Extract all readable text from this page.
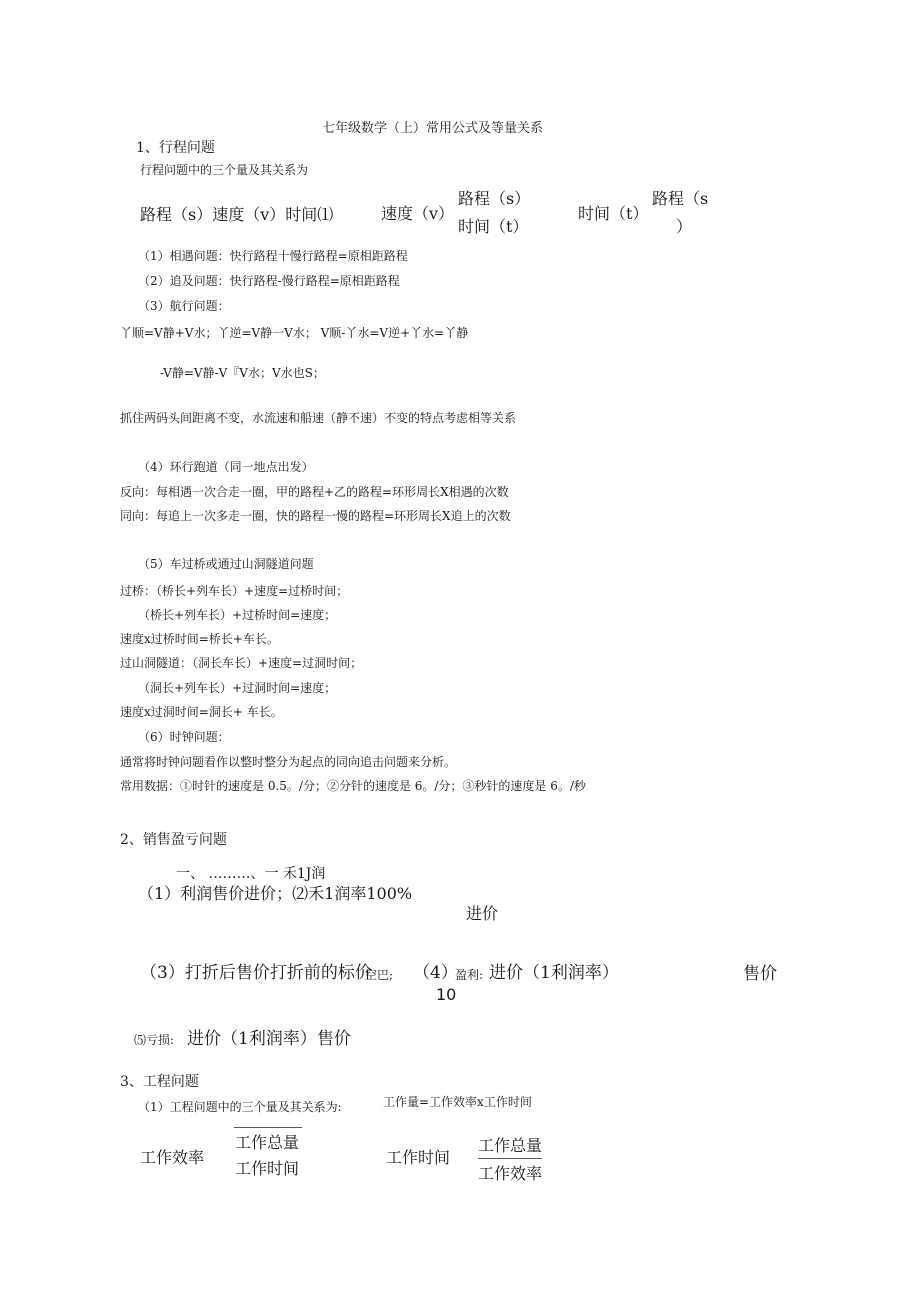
七年级数学（上）常用公式及等量关系
1、行程问题
行程问题中的三个量及其关系为
路程（s）速度（v）时间⑴	速度（v）
路程（s）
时间（t）
时间（t）
路程（s
）
（1）相遇问题：快行路程十慢行路程=原相距路程
（2）追及问题：快行路程-慢行路程=原相距路程
（3）航行问题：
丫顺=V静+V水；丫逆=V静一V水； V顺-丫水=V逆+丫水=丫静
-V静=V静-V『V水；V水也S；
抓住两码头间距离不变，水流速和船速（静不速）不变的特点考虑相等关系
（4）环行跑道（同一地点出发）
反向：每相遇一次合走一圈，甲的路程+乙的路程=环形周长X相遇的次数
同向：每追上一次多走一圈，快的路程一慢的路程=环形周长X追上的次数
（5）车过桥或通过山洞隧道问题
过桥：（桥长+列车长）+速度=过桥时间；
（桥长+列车长）+过桥时间=速度；
速度x过桥时间=桥长+车长。
过山洞隧道：（洞长车长）+速度=过洞时间；
（洞长+列车长）+过洞时间=速度；
速度x过洞时间=洞长+ 车长。
（6）时钟问题：
通常将时钟问题看作以整时整分为起点的同向追击问题来分析。
常用数据：①时针的速度是 0.5。/分；②分针的速度是 6。/分；③秒针的速度是 6。/秒
2、销售盈亏问题
一、 ………、一 禾1J润
（1）利润售价进价；⑵禾1润率100%
进价
（3）打折后售价打折前的标价
空巴; （4）
盈利: 进价（1利润率）	售价
10
⑸亏损: 进价（1利润率）售价
3、工程问题
（1）工程问题中的三个量及其关系为:	工作量=工作效率x工作时间
工作效率
工作总量
工作时间
工作时间
工作总量
工作效率
